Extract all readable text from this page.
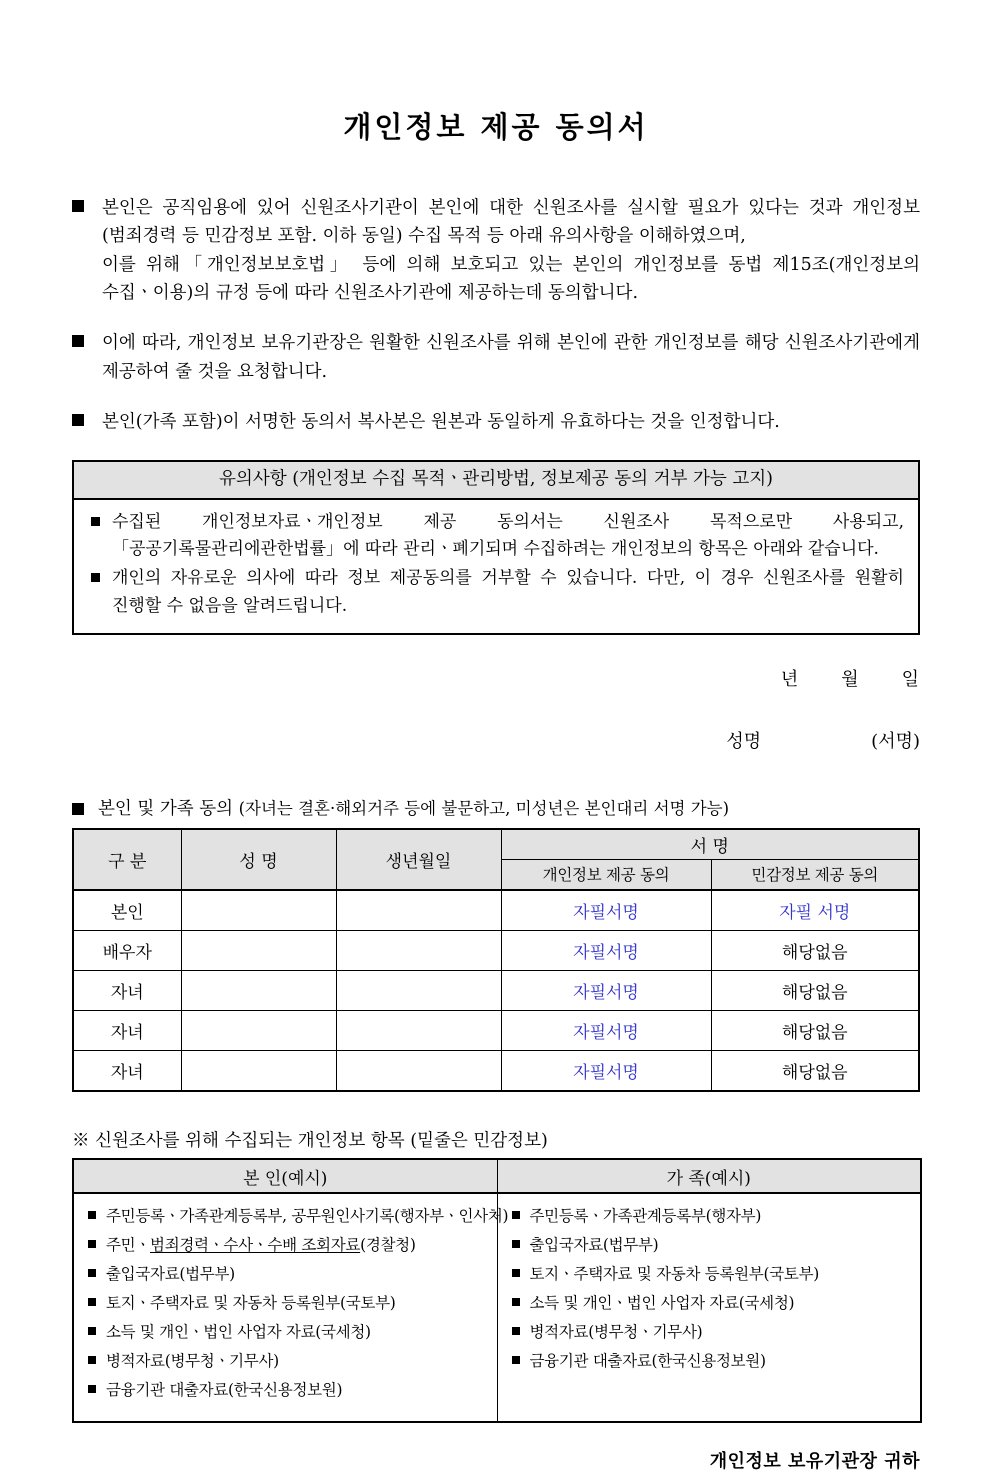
개인정보 제공 동의서
본인은 공직임용에 있어 신원조사기관이 본인에 대한 신원조사를 실시할 필요가 있다는 것과 개인정보(범죄경력 등 민감정보 포함. 이하 동일) 수집 목적 등 아래 유의사항을 이해하였으며,
이를 위해「개인정보보호법」 등에 의해 보호되고 있는 본인의 개인정보를 동법 제15조(개인정보의 수집ㆍ이용)의 규정 등에 따라 신원조사기관에 제공하는데 동의합니다.
이에 따라, 개인정보 보유기관장은 원활한 신원조사를 위해 본인에 관한 개인정보를 해당 신원조사기관에게 제공하여 줄 것을 요청합니다.
본인(가족 포함)이 서명한 동의서 복사본은 원본과 동일하게 유효하다는 것을 인정합니다.
유의사항 (개인정보 수집 목적ㆍ관리방법, 정보제공 동의 거부 가능 고지)
수집된 개인정보자료ㆍ개인정보 제공 동의서는 신원조사 목적으로만 사용되고,「공공기록물관리에관한법률」에 따라 관리ㆍ폐기되며 수집하려는 개인정보의 항목은 아래와 같습니다.
개인의 자유로운 의사에 따라 정보 제공동의를 거부할 수 있습니다. 다만, 이 경우 신원조사를 원활히 진행할 수 없음을 알려드립니다.
년 월 일
성명	(서명)
본인 및 가족 동의 (자녀는 결혼·해외거주 등에 불문하고, 미성년은 본인대리 서명 가능)
구 분	성 명	생년월일	서 명	
			개인정보 제공 동의	민감정보 제공 동의
본인			자필서명	자필 서명
배우자			자필서명	해당없음
자녀			자필서명	해당없음
자녀			자필서명	해당없음
자녀			자필서명	해당없음
※ 신원조사를 위해 수집되는 개인정보 항목 (밑줄은 민감정보)
본 인(예시)	가 족(예시)

주민등록ㆍ가족관계등록부, 공무원인사기록(행자부ㆍ인사처)
주민ㆍ범죄경력ㆍ수사ㆍ수배 조회자료(경찰청)
출입국자료(법무부)
토지ㆍ주택자료 및 자동차 등록원부(국토부)
소득 및 개인ㆍ법인 사업자 자료(국세청)
병적자료(병무청ㆍ기무사)
금융기관 대출자료(한국신용정보원)

주민등록ㆍ가족관계등록부(행자부)
출입국자료(법무부)
토지ㆍ주택자료 및 자동차 등록원부(국토부)
소득 및 개인ㆍ법인 사업자 자료(국세청)
병적자료(병무청ㆍ기무사)
금융기관 대출자료(한국신용정보원)
개인정보 보유기관장 귀하
